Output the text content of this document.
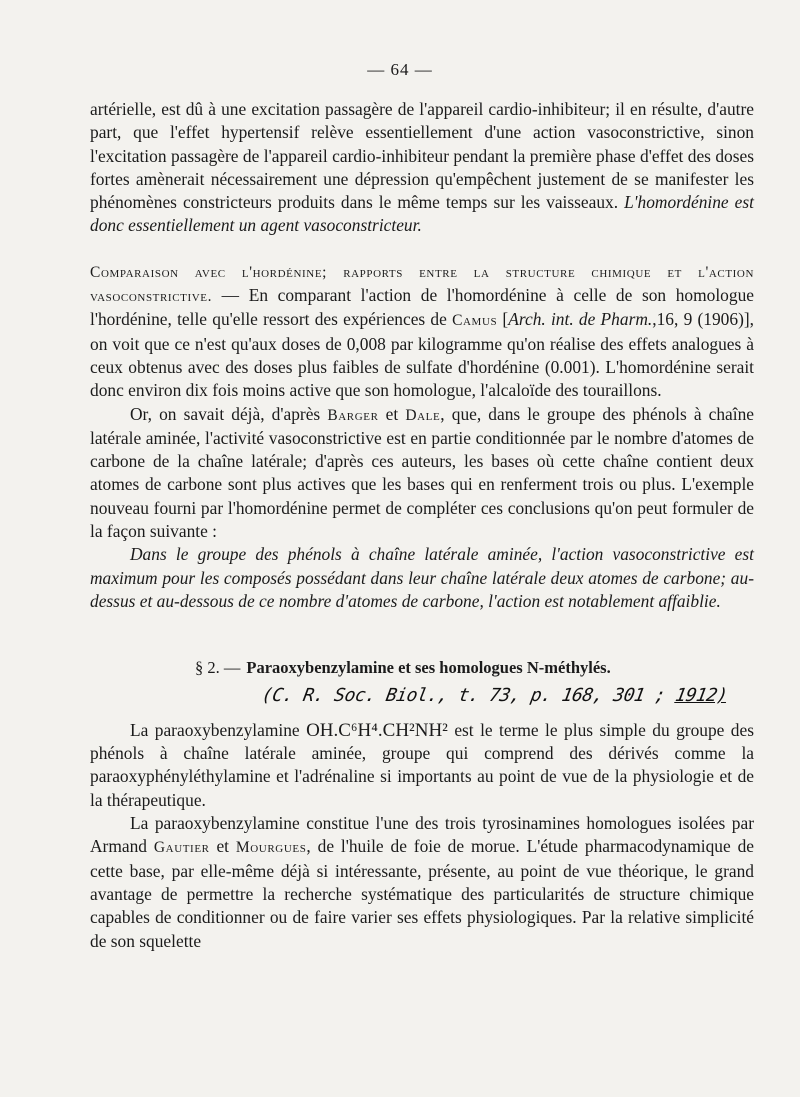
— 64 —

artérielle, est dû à une excitation passagère de l'appareil cardio-inhibiteur; il en résulte, d'autre part, que l'effet hypertensif relève essentiellement d'une action vasoconstrictive, sinon l'excitation passagère de l'appareil cardio-inhibiteur pendant la première phase d'effet des doses fortes amènerait nécessairement une dépression qu'empêchent justement de se manifester les phénomènes constricteurs produits dans le même temps sur les vaisseaux. L'homordénine est donc essentiellement un agent vasoconstricteur.

Comparaison avec l'hordénine; rapports entre la structure chimique et l'action vasoconstrictive. — En comparant l'action de l'homordénine à celle de son homologue l'hordénine, telle qu'elle ressort des expériences de Camus [Arch. int. de Pharm.,16, 9 (1906)], on voit que ce n'est qu'aux doses de 0,008 par kilogramme qu'on réalise des effets analogues à ceux obtenus avec des doses plus faibles de sulfate d'hordénine (0.001). L'homordénine serait donc environ dix fois moins active que son homologue, l'alcaloïde des touraillons.

Or, on savait déjà, d'après Barger et Dale, que, dans le groupe des phénols à chaîne latérale aminée, l'activité vasoconstrictive est en partie conditionnée par le nombre d'atomes de carbone de la chaîne latérale; d'après ces auteurs, les bases où cette chaîne contient deux atomes de carbone sont plus actives que les bases qui en renferment trois ou plus. L'exemple nouveau fourni par l'homordénine permet de compléter ces conclusions qu'on peut formuler de la façon suivante :

Dans le groupe des phénols à chaîne latérale aminée, l'action vasoconstrictive est maximum pour les composés possédant dans leur chaîne latérale deux atomes de carbone; au-dessus et au-dessous de ce nombre d'atomes de carbone, l'action est notablement affaiblie.

§ 2. — Paraoxybenzylamine et ses homologues N-méthylés.

(C. R. Soc. Biol., t. 73, p. 168, 301 ; 1912)

La paraoxybenzylamine OH.C⁶H⁴.CH²NH² est le terme le plus simple du groupe des phénols à chaîne latérale aminée, groupe qui comprend des dérivés comme la paraoxyphényléthylamine et l'adrénaline si importants au point de vue de la physiologie et de la thérapeutique.

La paraoxybenzylamine constitue l'une des trois tyrosinamines homologues isolées par Armand Gautier et Mourgues, de l'huile de foie de morue. L'étude pharmacodynamique de cette base, par elle-même déjà si intéressante, présente, au point de vue théorique, le grand avantage de permettre la recherche systématique des particularités de structure chimique capables de conditionner ou de faire varier ses effets physiologiques. Par la relative simplicité de son squelette
